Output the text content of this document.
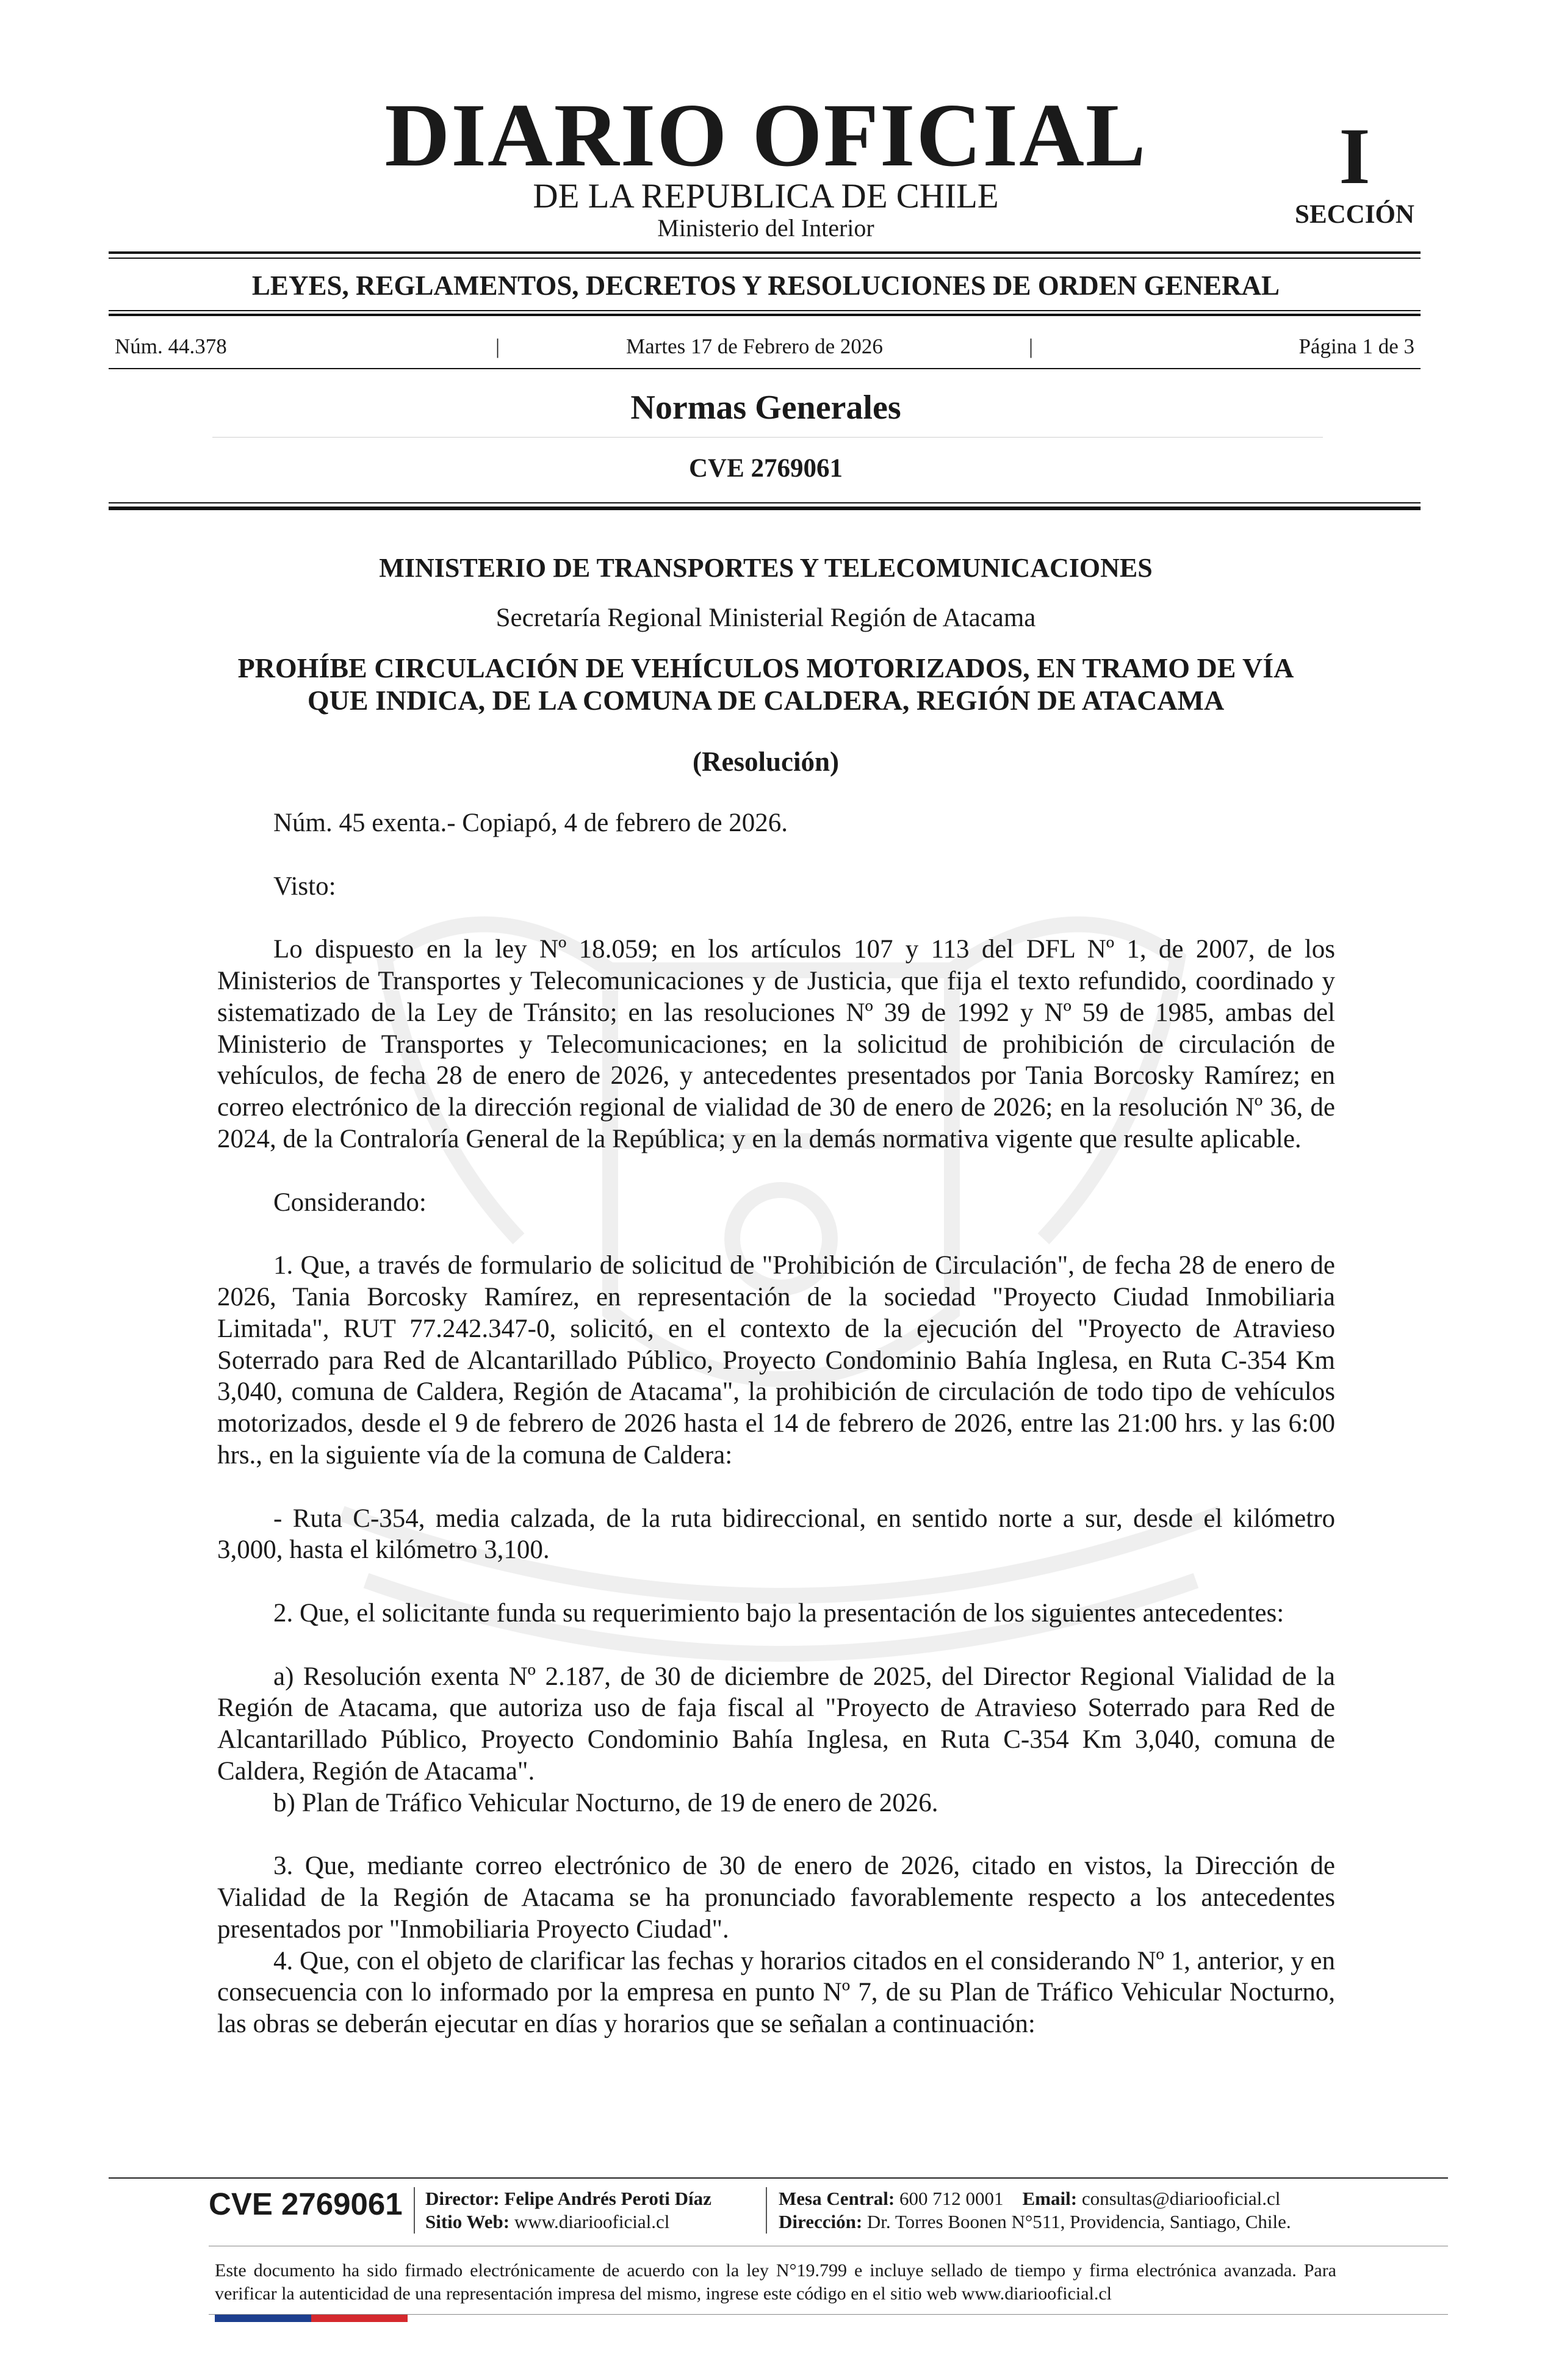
DIARIO OFICIAL
DE LA REPUBLICA DE CHILE
Ministerio del Interior
I
SECCIÓN
LEYES, REGLAMENTOS, DECRETOS Y RESOLUCIONES DE ORDEN GENERAL
Núm. 44.378	|	Martes 17 de Febrero de 2026	|	Página 1 de 3
Normas Generales
CVE 2769061
MINISTERIO DE TRANSPORTES Y TELECOMUNICACIONES
Secretaría Regional Ministerial Región de Atacama
PROHÍBE CIRCULACIÓN DE VEHÍCULOS MOTORIZADOS, EN TRAMO DE VÍA
QUE INDICA, DE LA COMUNA DE CALDERA, REGIÓN DE ATACAMA
(Resolución)

Núm. 45 exenta.- Copiapó, 4 de febrero de 2026.

Visto:

Lo dispuesto en la ley Nº 18.059; en los artículos 107 y 113 del DFL Nº 1, de 2007, de los Ministerios de Transportes y Telecomunicaciones y de Justicia, que fija el texto refundido, coordinado y sistematizado de la Ley de Tránsito; en las resoluciones Nº 39 de 1992 y Nº 59 de 1985, ambas del Ministerio de Transportes y Telecomunicaciones; en la solicitud de prohibición de circulación de vehículos, de fecha 28 de enero de 2026, y antecedentes presentados por Tania Borcosky Ramírez; en correo electrónico de la dirección regional de vialidad de 30 de enero de 2026; en la resolución Nº 36, de 2024, de la Contraloría General de la República; y en la demás normativa vigente que resulte aplicable.

Considerando:

1. Que, a través de formulario de solicitud de "Prohibición de Circulación", de fecha 28 de enero de 2026, Tania Borcosky Ramírez, en representación de la sociedad "Proyecto Ciudad Inmobiliaria Limitada", RUT 77.242.347-0, solicitó, en el contexto de la ejecución del "Proyecto de Atravieso Soterrado para Red de Alcantarillado Público, Proyecto Condominio Bahía Inglesa, en Ruta C-354 Km 3,040, comuna de Caldera, Región de Atacama", la prohibición de circulación de todo tipo de vehículos motorizados, desde el 9 de febrero de 2026 hasta el 14 de febrero de 2026, entre las 21:00 hrs. y las 6:00 hrs., en la siguiente vía de la comuna de Caldera:

- Ruta C-354, media calzada, de la ruta bidireccional, en sentido norte a sur, desde el kilómetro 3,000, hasta el kilómetro 3,100.

2. Que, el solicitante funda su requerimiento bajo la presentación de los siguientes antecedentes:

a) Resolución exenta Nº 2.187, de 30 de diciembre de 2025, del Director Regional Vialidad de la Región de Atacama, que autoriza uso de faja fiscal al "Proyecto de Atravieso Soterrado para Red de Alcantarillado Público, Proyecto Condominio Bahía Inglesa, en Ruta C-354 Km 3,040, comuna de Caldera, Región de Atacama".

b) Plan de Tráfico Vehicular Nocturno, de 19 de enero de 2026.

3. Que, mediante correo electrónico de 30 de enero de 2026, citado en vistos, la Dirección de Vialidad de la Región de Atacama se ha pronunciado favorablemente respecto a los antecedentes presentados por "Inmobiliaria Proyecto Ciudad".

4. Que, con el objeto de clarificar las fechas y horarios citados en el considerando Nº 1, anterior, y en consecuencia con lo informado por la empresa en punto Nº 7, de su Plan de Tráfico Vehicular Nocturno, las obras se deberán ejecutar en días y horarios que se señalan a continuación:

CVE 2769061 Director: Felipe Andrés Peroti Díaz
Sitio Web: www.diariooficial.cl
Mesa Central: 600 712 0001 Email: consultas@diariooficial.cl
Dirección: Dr. Torres Boonen N°511, Providencia, Santiago, Chile.
Este documento ha sido firmado electrónicamente de acuerdo con la ley N°19.799 e incluye sellado de tiempo y firma electrónica avanzada. Para verificar la autenticidad de una representación impresa del mismo, ingrese este código en el sitio web www.diariooficial.cl
